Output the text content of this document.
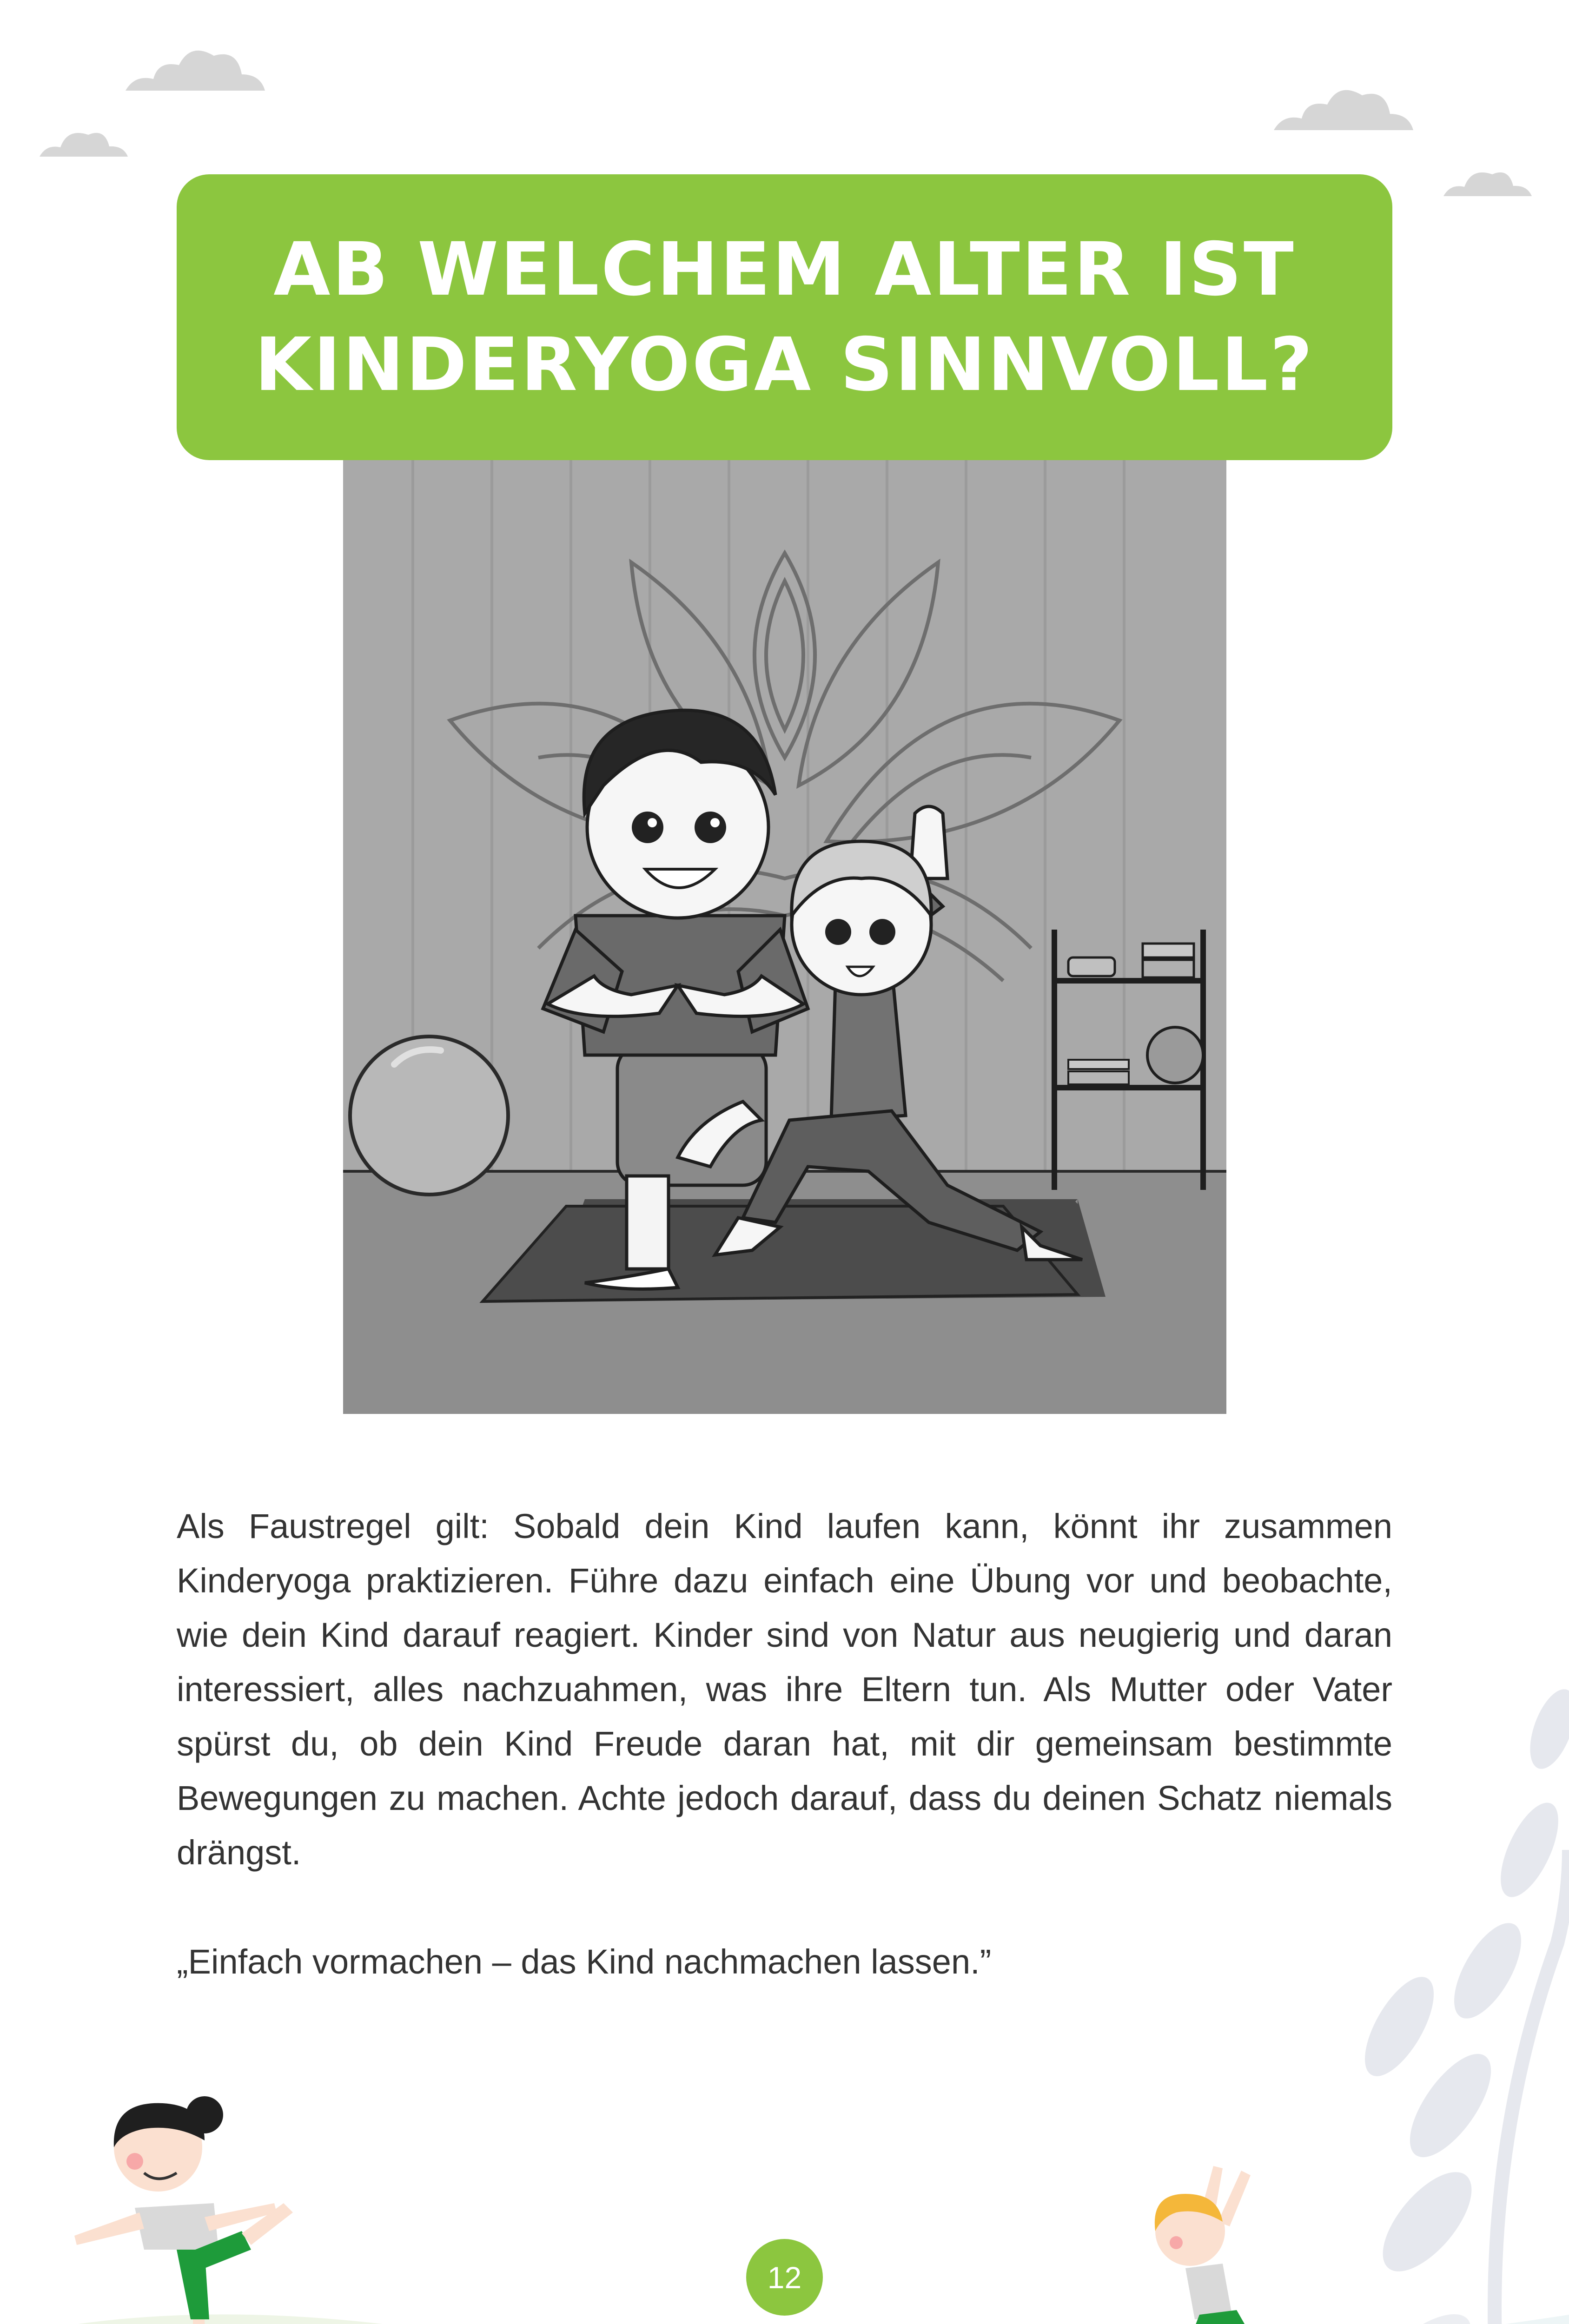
AB WELCHEM ALTER IST
KINDERYOGA SINNVOLL?

Als Faustregel gilt: Sobald dein Kind laufen kann, könnt ihr zusammen Kinderyoga praktizieren. Führe dazu einfach eine Übung vor und beobachte, wie dein Kind darauf reagiert. Kinder sind von Natur aus neugierig und daran interessiert, alles nachzuahmen, was ihre Eltern tun. Als Mutter oder Vater spürst du, ob dein Kind Freude daran hat, mit dir gemeinsam bestimmte Bewegungen zu machen. Achte jedoch darauf, dass du deinen Schatz niemals drängst.

„Einfach vormachen – das Kind nachmachen lassen.”

12
